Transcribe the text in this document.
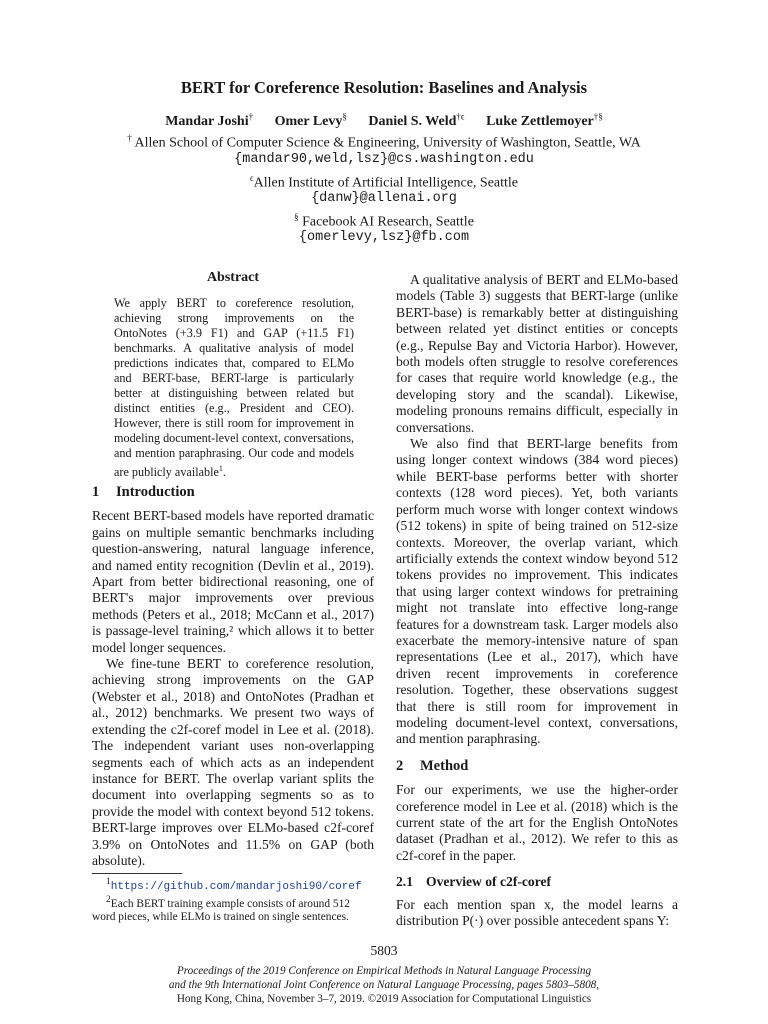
BERT for Coreference Resolution: Baselines and Analysis
Mandar Joshi† Omer Levy§ Daniel S. Weld$^{\dagger\epsilon}$ Luke Zettlemoyer†§
† Allen School of Computer Science & Engineering, University of Washington, Seattle, WA
{mandar90,weld,lsz}@cs.washington.edu
$^\epsilon$Allen Institute of Artificial Intelligence, Seattle
{danw}@allenai.org
§ Facebook AI Research, Seattle
{omerlevy,lsz}@fb.com
Abstract
We apply BERT to coreference resolution, achieving strong improvements on the OntoNotes (+3.9 F1) and GAP (+11.5 F1) benchmarks. A qualitative analysis of model predictions indicates that, compared to ELMo and BERT-base, BERT-large is particularly better at distinguishing between related but distinct entities (e.g., President and CEO). However, there is still room for improvement in modeling document-level context, conversations, and mention paraphrasing. Our code and models are publicly available$^1$.
1 Introduction

Recent BERT-based models have reported dramatic gains on multiple semantic benchmarks including question-answering, natural language inference, and named entity recognition (Devlin et al., 2019). Apart from better bidirectional reasoning, one of BERT's major improvements over previous methods (Peters et al., 2018; McCann et al., 2017) is passage-level training,² which allows it to better model longer sequences.

We fine-tune BERT to coreference resolution, achieving strong improvements on the GAP (Webster et al., 2018) and OntoNotes (Pradhan et al., 2012) benchmarks. We present two ways of extending the c2f-coref model in Lee et al. (2018). The independent variant uses non-overlapping segments each of which acts as an independent instance for BERT. The overlap variant splits the document into overlapping segments so as to provide the model with context beyond 512 tokens. BERT-large improves over ELMo-based c2f-coref 3.9% on OntoNotes and 11.5% on GAP (both absolute).

$^1$https://github.com/mandarjoshi90/coref
$^2$Each BERT training example consists of around 512 word pieces, while ELMo is trained on single sentences.

A qualitative analysis of BERT and ELMo-based models (Table 3) suggests that BERT-large (unlike BERT-base) is remarkably better at distinguishing between related yet distinct entities or concepts (e.g., Repulse Bay and Victoria Harbor). However, both models often struggle to resolve coreferences for cases that require world knowledge (e.g., the developing story and the scandal). Likewise, modeling pronouns remains difficult, especially in conversations.

We also find that BERT-large benefits from using longer context windows (384 word pieces) while BERT-base performs better with shorter contexts (128 word pieces). Yet, both variants perform much worse with longer context windows (512 tokens) in spite of being trained on 512-size contexts. Moreover, the overlap variant, which artificially extends the context window beyond 512 tokens provides no improvement. This indicates that using larger context windows for pretraining might not translate into effective long-range features for a downstream task. Larger models also exacerbate the memory-intensive nature of span representations (Lee et al., 2017), which have driven recent improvements in coreference resolution. Together, these observations suggest that there is still room for improvement in modeling document-level context, conversations, and mention paraphrasing.

2 Method

For our experiments, we use the higher-order coreference model in Lee et al. (2018) which is the current state of the art for the English OntoNotes dataset (Pradhan et al., 2012). We refer to this as c2f-coref in the paper.

2.1 Overview of c2f-coref

For each mention span x, the model learns a distribution P(·) over possible antecedent spans Y:

5803
Proceedings of the 2019 Conference on Empirical Methods in Natural Language Processing
and the 9th International Joint Conference on Natural Language Processing, pages 5803–5808,
Hong Kong, China, November 3–7, 2019. ©2019 Association for Computational Linguistics
